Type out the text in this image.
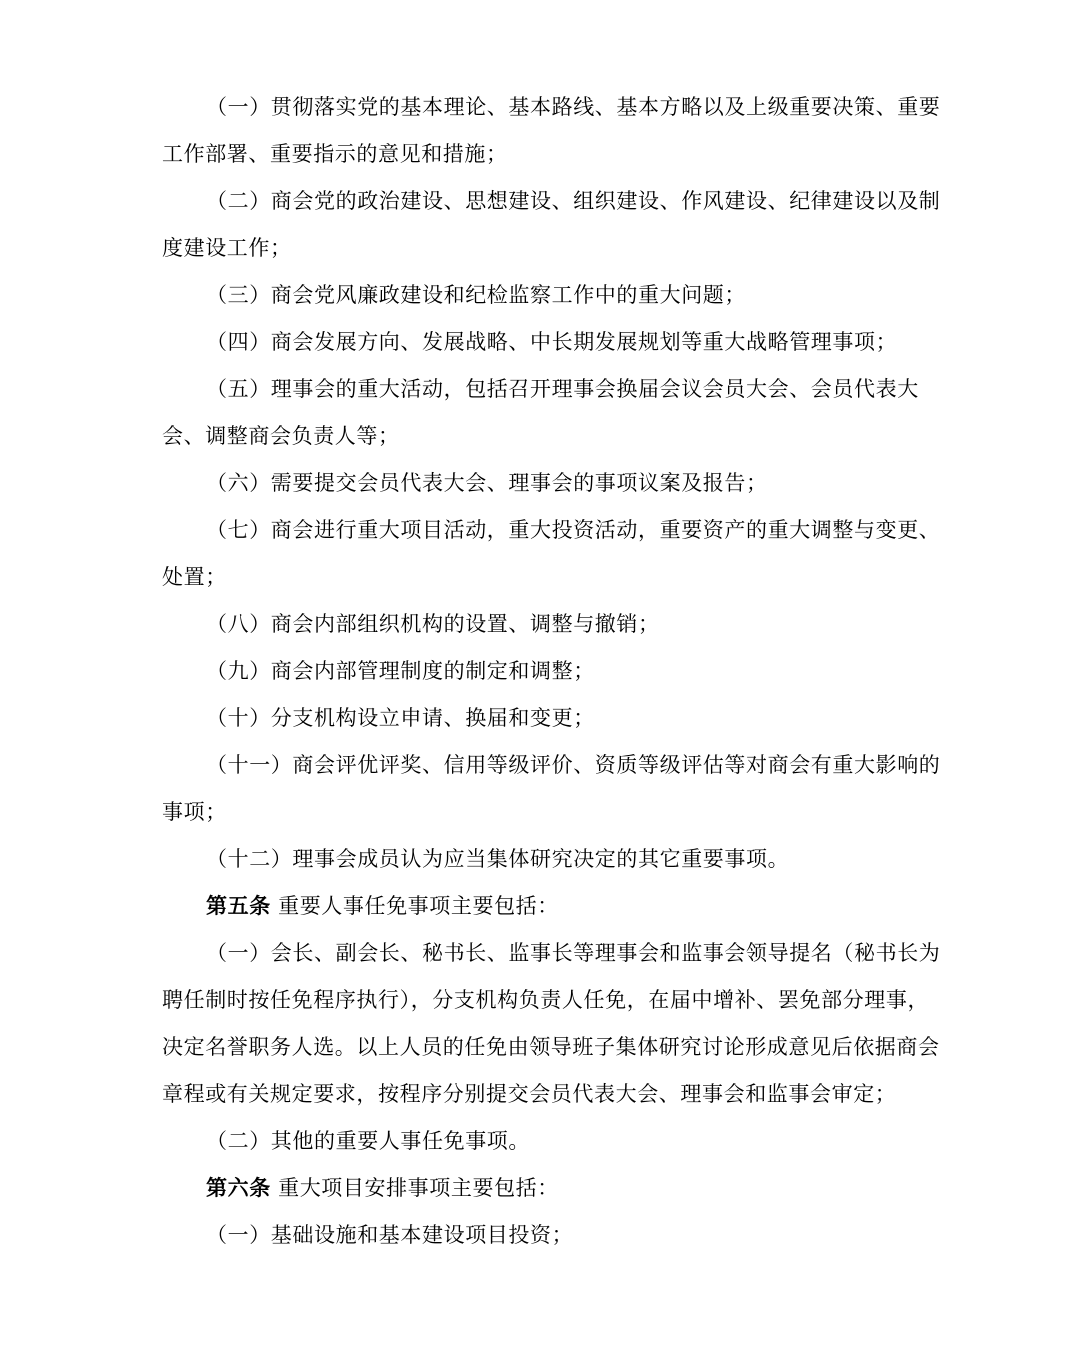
（一）贯彻落实党的基本理论、基本路线、基本方略以及上级重要决策、重要工作部署、重要指示的意见和措施；

（二）商会党的政治建设、思想建设、组织建设、作风建设、纪律建设以及制度建设工作；

（三）商会党风廉政建设和纪检监察工作中的重大问题；

（四）商会发展方向、发展战略、中长期发展规划等重大战略管理事项；

（五）理事会的重大活动，包括召开理事会换届会议会员大会、会员代表大会、调整商会负责人等；

（六）需要提交会员代表大会、理事会的事项议案及报告；

（七）商会进行重大项目活动，重大投资活动，重要资产的重大调整与变更、处置；

（八）商会内部组织机构的设置、调整与撤销；

（九）商会内部管理制度的制定和调整；

（十）分支机构设立申请、换届和变更；

（十一）商会评优评奖、信用等级评价、资质等级评估等对商会有重大影响的事项；

（十二）理事会成员认为应当集体研究决定的其它重要事项。

第五条 重要人事任免事项主要包括：

（一）会长、副会长、秘书长、监事长等理事会和监事会领导提名（秘书长为聘任制时按任免程序执行），分支机构负责人任免，在届中增补、罢免部分理事，决定名誉职务人选。以上人员的任免由领导班子集体研究讨论形成意见后依据商会章程或有关规定要求，按程序分别提交会员代表大会、理事会和监事会审定；

（二）其他的重要人事任免事项。

第六条 重大项目安排事项主要包括：

（一）基础设施和基本建设项目投资；
